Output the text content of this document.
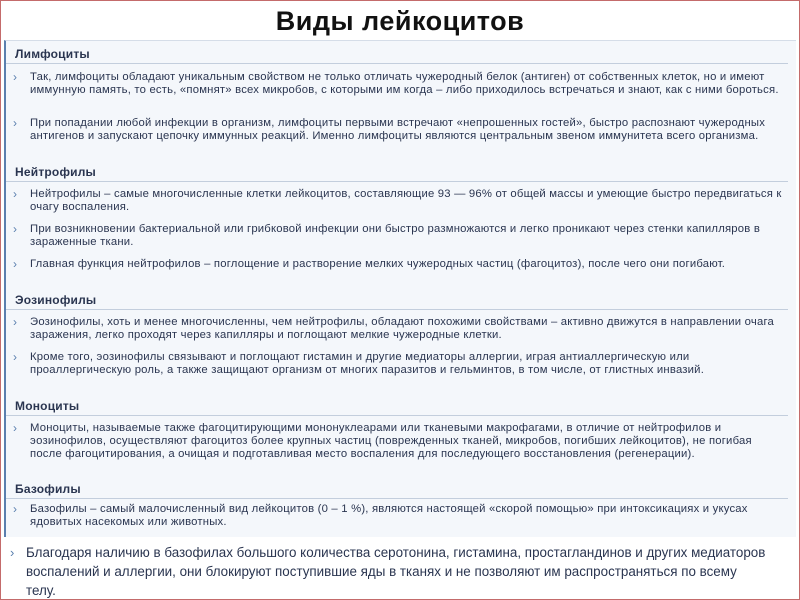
Виды лейкоцитов
Лимфоциты
› Так, лимфоциты обладают уникальным свойством не только отличать чужеродный белок (антиген) от собственных клеток, но и имеют иммунную память, то есть, «помнят» всех микробов, с которыми им когда – либо приходилось встречаться и знают, как с ними бороться.
› При попадании любой инфекции в организм, лимфоциты первыми встречают «непрошенных гостей», быстро распознают чужеродных антигенов и запускают цепочку иммунных реакций. Именно лимфоциты являются центральным звеном иммунитета всего организма.
Нейтрофилы
› Нейтрофилы – самые многочисленные клетки лейкоцитов, составляющие 93 — 96% от общей массы и умеющие быстро передвигаться к очагу воспаления.
› При возникновении бактериальной или грибковой инфекции они быстро размножаются и легко проникают через стенки капилляров в зараженные ткани.
› Главная функция нейтрофилов – поглощение и растворение мелких чужеродных частиц (фагоцитоз), после чего они погибают.
Эозинофилы
› Эозинофилы, хоть и менее многочисленны, чем нейтрофилы, обладают похожими свойствами – активно движутся в направлении очага заражения, легко проходят через капилляры и поглощают мелкие чужеродные клетки.
› Кроме того, эозинофилы связывают и поглощают гистамин и другие медиаторы аллергии, играя антиаллергическую или проаллергическую роль, а также защищают организм от многих паразитов и гельминтов, в том числе, от глистных инвазий.
Моноциты
› Моноциты, называемые также фагоцитирующими мононуклеарами или тканевыми макрофагами, в отличие от нейтрофилов и эозинофилов, осуществляют фагоцитоз более крупных частиц (поврежденных тканей, микробов, погибших лейкоцитов), не погибая после фагоцитирования, а очищая и подготавливая место воспаления для последующего восстановления (регенерации).
Базофилы
› Базофилы – самый малочисленный вид лейкоцитов (0 – 1 %), являются настоящей «скорой помощью» при интоксикациях и укусах ядовитых насекомых или животных.
› Благодаря наличию в базофилах большого количества серотонина, гистамина, простагландинов и других медиаторов воспалений и аллергии, они блокируют поступившие яды в тканях и не позволяют им распространяться по всему телу.
